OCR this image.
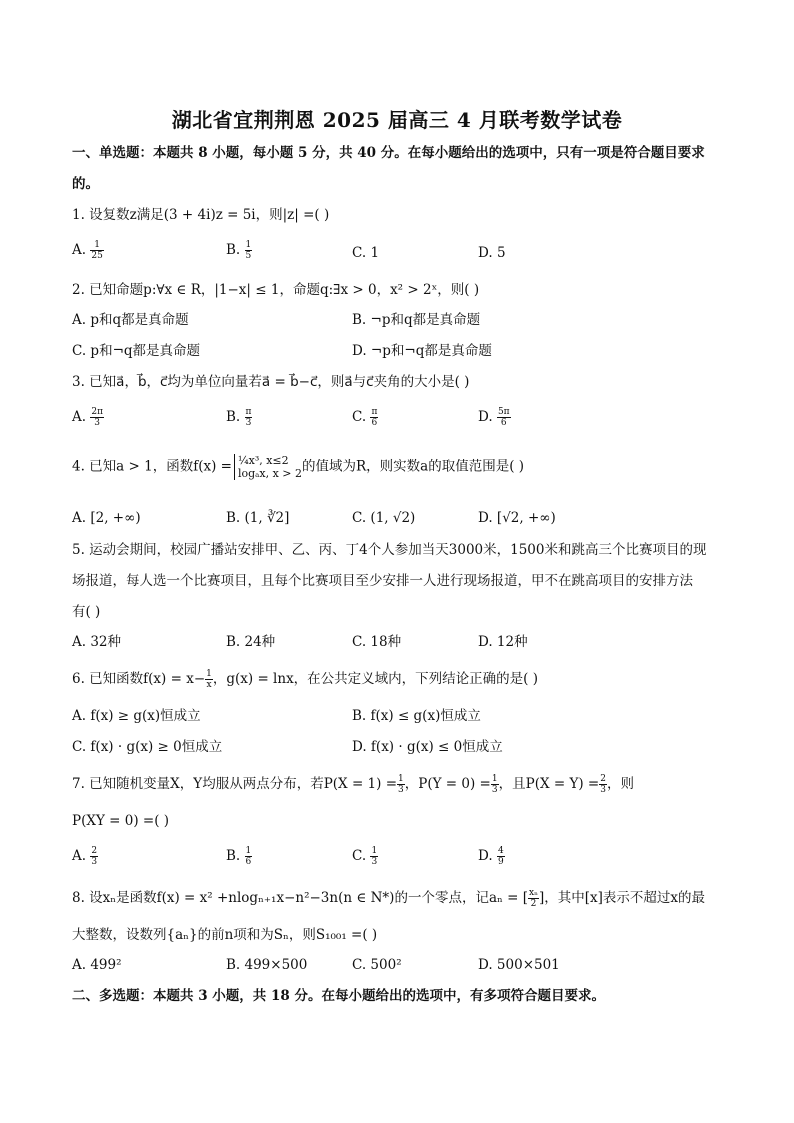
湖北省宜荆荆恩 2025 届高三 4 月联考数学试卷
一、单选题：本题共 8 小题，每小题 5 分，共 40 分。在每小题给出的选项中，只有一项是符合题目要求
的。
1. 设复数z满足(3 + 4i)z = 5i，则|z| =( )
A. $\frac{1}{25}$	B. $\frac{1}{5}$	C. 1	D. 5
2. 已知命题p:∀x ∈ R，|1−x| ≤ 1，命题q:∃x > 0，x² > 2ˣ，则( )
A. p和q都是真命题	B. ¬p和q都是真命题
C. p和¬q都是真命题	D. ¬p和¬q都是真命题
3. 已知a⃗，b⃗，c⃗均为单位向量若a⃗ = b⃗−c⃗，则a⃗与c⃗夹角的大小是( )
A. $\frac{2\pi}{3}$	B. $\frac{\pi}{3}$	C. $\frac{\pi}{6}$	D. $\frac{5\pi}{6}$
4. 已知a > 1，函数f(x) = ¼x³, x≤2
logₐx, x > 2 的值域为R，则实数a的取值范围是( )
A. [2, +∞)	B. (1, ∛2]	C. (1, √2)	D. [√2, +∞)
5. 运动会期间，校园广播站安排甲、乙、丙、丁4个人参加当天3000米，1500米和跳高三个比赛项目的现
场报道，每人选一个比赛项目，且每个比赛项目至少安排一人进行现场报道，甲不在跳高项目的安排方法
有( )
A. 32种	B. 24种	C. 18种	D. 12种
6. 已知函数$f(x) = x- \frac{1}{x}$ ，g(x) = lnx，在公共定义域内，下列结论正确的是( )
A. f(x) ≥ g(x)恒成立	B. f(x) ≤ g(x)恒成立
C. f(x) · g(x) ≥ 0恒成立	D. f(x) · g(x) ≤ 0恒成立
7. 已知随机变量X，Y均服从两点分布，若$P(X = 1) = \frac{1}{3}$ ，$P(Y = 0) = \frac{1}{3}$ ，且$P(X = Y) = \frac{2}{3}$ ，则
P(XY = 0) =( )
A. $\frac{2}{3}$	B. $\frac{1}{6}$	C. $\frac{1}{3}$	D. $\frac{4}{9}$
8. 设xₙ是函数f(x) = x² +nlogₙ₊₁x−n²−3n(n ∈ N*)的一个零点，记aₙ = [ $\frac{\text{xₙ}}{2}$ ]，其中[x]表示不超过x的最
大整数，设数列{aₙ}的前n项和为Sₙ，则S₁₀₀₁ =( )
A. 499²	B. 499×500	C. 500²	D. 500×501
二、多选题：本题共 3 小题，共 18 分。在每小题给出的选项中，有多项符合题目要求。
